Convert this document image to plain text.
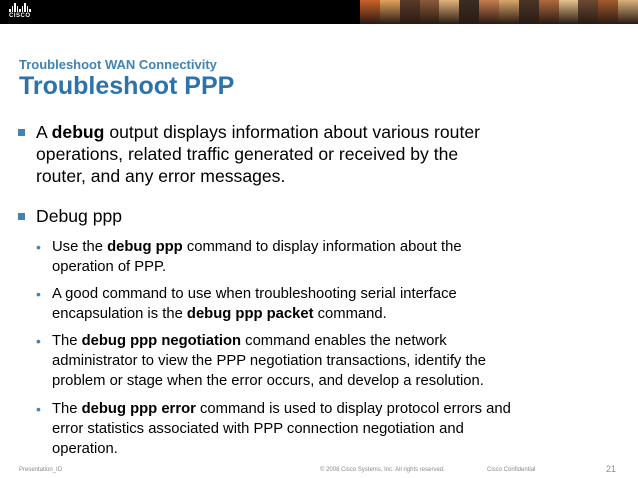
CISCO
Troubleshoot WAN Connectivity
Troubleshoot PPP
A debug output displays information about various router
operations, related traffic generated or received by the
router, and any error messages.
Debug ppp
• Use the debug ppp command to display information about the
operation of PPP.
• A good command to use when troubleshooting serial interface
encapsulation is the debug ppp packet command.
• The debug ppp negotiation command enables the network
administrator to view the PPP negotiation transactions, identify the
problem or stage when the error occurs, and develop a resolution.
• The debug ppp error command is used to display protocol errors and
error statistics associated with PPP connection negotiation and
operation.
Presentation_ID	© 2008 Cisco Systems, Inc. All rights reserved.	Cisco Confidential	21
